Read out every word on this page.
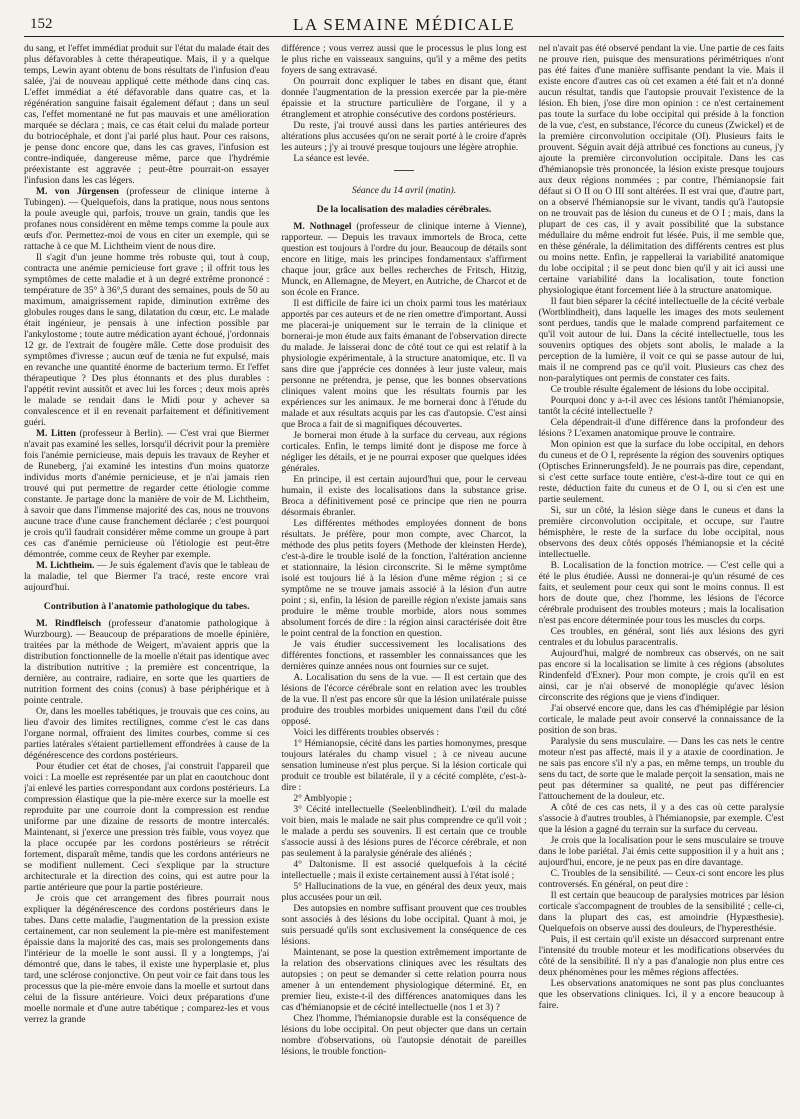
152	LA SEMAINE MÉDICALE

du sang, et l'effet immédiat produit sur l'état du malade était des plus défavorables à cette thérapeutique. Mais, il y a quelque temps, Lewin ayant obtenu de bons résultats de l'infusion d'eau salée, j'ai de nouveau appliqué cette méthode dans cinq cas. L'effet immédiat a été défavorable dans quatre cas, et la régénération sanguine faisait également défaut ; dans un seul cas, l'effet momentané ne fut pas mauvais et une amélioration marquée se déclara ; mais, ce cas était celui du malade porteur du botriocéphale, et dont j'ai parlé plus haut. Pour ces raisons, je pense donc encore que, dans les cas graves, l'infusion est contre-indiquée, dangereuse même, parce que l'hydrémie préexistante est aggravée ; peut-être pourrait-on essayer l'infusion dans les cas légers.

M. von Jürgensen (professeur de clinique interne à Tubingen). — Quelquefois, dans la pratique, nous nous sentons la poule aveugle qui, parfois, trouve un grain, tandis que les profanes nous considèrent en même temps comme la poule aux œufs d'or. Permettez-moi de vous en citer un exemple, qui se rattache à ce que M. Lichtheim vient de nous dire.

Il s'agit d'un jeune homme très robuste qui, tout à coup, contracta une anémie pernicieuse fort grave ; il offrit tous les symptômes de cette maladie et à un degré extrême prononcé : température de 35° à 36°,5 durant des semaines, pouls de 50 au maximum, amaigrissement rapide, diminution extrême des globules rouges dans le sang, dilatation du cœur, etc. Le malade était ingénieur, je pensais à une infection possible par l'ankylostome ; toute autre médication ayant échoué, j'ordonnais 12 gr. de l'extrait de fougère mâle. Cette dose produisit des symptômes d'ivresse ; aucun œuf de tænia ne fut expulsé, mais en revanche une quantité énorme de bacterium termo. Et l'effet thérapeutique ? Des plus étonnants et des plus durables : l'appétit revint aussitôt et avec lui les forces ; deux mois après le malade se rendait dans le Midi pour y achever sa convalescence et il en revenait parfaitement et définitivement guéri.

M. Litten (professeur à Berlin). — C'est vrai que Biermer n'avait pas examiné les selles, lorsqu'il décrivit pour la première fois l'anémie pernicieuse, mais depuis les travaux de Reyher et de Runeberg, j'ai examiné les intestins d'un moins quatorze individus morts d'anémie pernicieuse, et je n'ai jamais rien trouvé qui put permettre de regarder cette étiologie comme constante. Je partage donc la manière de voir de M. Lichtheim, à savoir que dans l'immense majorité des cas, nous ne trouvons aucune trace d'une cause franchement déclarée ; c'est pourquoi je crois qu'il faudrait considérer même comme un groupe à part ces cas d'anémie pernicieuse où l'étiologie est peut-être démontrée, comme ceux de Reyher par exemple.

M. Lichtheim. — Je suis également d'avis que le tableau de la maladie, tel que Biermer l'a tracé, reste encore vrai aujourd'hui.

Contribution à l'anatomie pathologique du tabes.

M. Rindfleisch (professeur d'anatomie pathologique à Wurzbourg). — Beaucoup de préparations de moelle épinière, traitées par la méthode de Weigert, m'avaient appris que la distribution fonctionnelle de la moelle n'était pas identique avec la distribution nutritive ; la première est concentrique, la dernière, au contraire, radiaire, en sorte que les quartiers de nutrition forment des coins (conus) à base périphérique et à pointe centrale.

Or, dans les moelles tabétiques, je trouvais que ces coins, au lieu d'avoir des limites rectilignes, comme c'est le cas dans l'organe normal, offraient des limites courbes, comme si ces parties latérales s'étaient partiellement effondrées à cause de la dégénérescence des cordons postérieurs.

Pour étudier cet état de choses, j'ai construit l'appareil que voici : La moelle est représentée par un plat en caoutchouc dont j'ai enlevé les parties correspondant aux cordons postérieurs. La compression élastique que la pie-mère exerce sur la moelle est reproduite par une courroie dont la compression est rendue uniforme par une dizaine de ressorts de montre intercalés. Maintenant, si j'exerce une pression très faible, vous voyez que la place occupée par les cordons postérieurs se rétrécit fortement, disparaît même, tandis que les cordons antérieurs ne se modifient nullement. Ceci s'explique par la structure architecturale et la direction des coins, qui est autre pour la partie antérieure que pour la partie postérieure.

Je crois que cet arrangement des fibres pourrait nous expliquer la dégénérescence des cordons postérieurs dans le tabes. Dans cette maladie, l'augmentation de la pression existe certainement, car non seulement la pie-mère est manifestement épaissie dans la majorité des cas, mais ses prolongements dans l'intérieur de la moelle le sont aussi. Il y a longtemps, j'ai démontré que, dans le tabes, il existe une hyperplasie et, plus tard, une sclérose conjonctive. On peut voir ce fait dans tous les processus que la pie-mère envoie dans la moelle et surtout dans celui de la fissure antérieure. Voici deux préparations d'une moelle normale et d'une autre tabétique ; comparez-les et vous verrez la grande

différence ; vous verrez aussi que le processus le plus long est le plus riche en vaisseaux sanguins, qu'il y a même des petits foyers de sang extravasé.

On pourrait donc expliquer le tabes en disant que, étant donnée l'augmentation de la pression exercée par la pie-mère épaissie et la structure particulière de l'organe, il y a étranglement et atrophie consécutive des cordons postérieurs.

Du reste, j'ai trouvé aussi dans les parties antérieures des altérations plus accusées qu'on ne serait porté à le croire d'après les auteurs ; j'y ai trouvé presque toujours une légère atrophie.

La séance est levée.

Séance du 14 avril (matin).
De la localisation des maladies cérébrales.

M. Nothnagel (professeur de clinique interne à Vienne), rapporteur. — Depuis les travaux immortels de Broca, cette question est toujours à l'ordre du jour. Beaucoup de détails sont encore en litige, mais les principes fondamentaux s'affirment chaque jour, grâce aux belles recherches de Fritsch, Hitzig, Munck, en Allemagne, de Meyert, en Autriche, de Charcot et de son école en France.

Il est difficile de faire ici un choix parmi tous les matériaux apportés par ces auteurs et de ne rien omettre d'important. Aussi me placerai-je uniquement sur le terrain de la clinique et bornerai-je mon étude aux faits émanant de l'observation directe du malade. Je laisserai donc de côté tout ce qui est relatif à la physiologie expérimentale, à la structure anatomique, etc. Il va sans dire que j'apprécie ces données à leur juste valeur, mais personne ne prétendra, je pense, que les bonnes observations cliniques valent moins que les résultats fournis par les expériences sur les animaux. Je me bornerai donc à l'étude du malade et aux résultats acquis par les cas d'autopsie. C'est ainsi que Broca a fait de si magnifiques découvertes.

Je bornerai mon étude à la surface du cerveau, aux régions corticales. Enfin, le temps limité dont je dispose me force à négliger les détails, et je ne pourrai exposer que quelques idées générales.

En principe, il est certain aujourd'hui que, pour le cerveau humain, il existe des localisations dans la substance grise. Broca a définitivement posé ce principe que rien ne pourra désormais ébranler.

Les différentes méthodes employées donnent de bons résultats. Je préfère, pour mon compte, avec Charcot, la méthode des plus petits foyers (Methode der kleinsten Herde), c'est-à-dire le trouble isolé de la fonction, l'altération ancienne et stationnaire, la lésion circonscrite. Si le même symptôme isolé est toujours lié à la lésion d'une même région ; si ce symptôme ne se trouve jamais associé à la lésion d'un autre point ; si, enfin, la lésion de pareille région n'existe jamais sans produire le même trouble morbide, alors nous sommes absolument forcés de dire : la région ainsi caractérisée doit être le point central de la fonction en question.

Je vais étudier successivement les localisations des différentes fonctions, et rassembler les connaissances que les dernières quinze années nous ont fournies sur ce sujet.

A. Localisation du sens de la vue. — Il est certain que des lésions de l'écorce cérébrale sont en relation avec les troubles de la vue. Il n'est pas encore sûr que la lésion unilatérale puisse produire des troubles morbides uniquement dans l'œil du côté opposé.

Voici les différents troubles observés :

1° Hémianopsie, cécité dans les parties homonymes, presque toujours latérales du champ visuel ; à ce niveau aucune sensation lumineuse n'est plus perçue. Si la lésion corticale qui produit ce trouble est bilatérale, il y a cécité complète, c'est-à-dire :

2° Amblyopie ;

3° Cécité intellectuelle (Seelenblindheit). L'œil du malade voit bien, mais le malade ne sait plus comprendre ce qu'il voit ; le malade a perdu ses souvenirs. Il est certain que ce trouble s'associe aussi à des lésions pures de l'écorce cérébrale, et non pas seulement à la paralysie générale des aliénés ;

4° Daltonisme. Il est associé quelquefois à la cécité intellectuelle ; mais il existe certainement aussi à l'état isolé ;

5° Hallucinations de la vue, en général des deux yeux, mais plus accusées pour un œil.

Des autopsies en nombre suffisant prouvent que ces troubles sont associés à des lésions du lobe occipital. Quant à moi, je suis persuadé qu'ils sont exclusivement la conséquence de ces lésions.

Maintenant, se pose la question extrêmement importante de la relation des observations cliniques avec les résultats des autopsies ; on peut se demander si cette relation pourra nous amener à un entendement physiologique déterminé. Et, en premier lieu, existe-t-il des différences anatomiques dans les cas d'hémianopsie et de cécité intellectuelle (nos 1 et 3) ?

Chez l'homme, l'hémianopsie durable est la conséquence de lésions du lobe occipital. On peut objecter que dans un certain nombre d'observations, où l'autopsie dénotait de pareilles lésions, le trouble fonction-

nel n'avait pas été observé pendant la vie. Une partie de ces faits ne prouve rien, puisque des mensurations périmétriques n'ont pas été faites d'une manière suffisante pendant la vie. Mais il existe encore d'autres cas où cet examen a été fait et n'a donné aucun résultat, tandis que l'autopsie prouvait l'existence de la lésion. Eh bien, j'ose dire mon opinion : ce n'est certainement pas toute la surface du lobe occipital qui préside à la fonction de la vue, c'est, en substance, l'écorce du cuneus (Zwickel) et de la première circonvolution occipitale (OI). Plusieurs faits le prouvent. Séguin avait déjà attribué ces fonctions au cuneus, j'y ajoute la première circonvolution occipitale. Dans les cas d'hémianopsie très prononcée, la lésion existe presque toujours aux deux régions nommées ; par contre, l'hémianopsie fait défaut si O II ou O III sont altérées. Il est vrai que, d'autre part, on a observé l'hémianopsie sur le vivant, tandis qu'à l'autopsie on ne trouvait pas de lésion du cuneus et de O I ; mais, dans la plupart de ces cas, il y avait possibilité que la substance médullaire du même endroit fut lésée. Puis, il me semble que, en thèse générale, la délimitation des différents centres est plus ou moins nette. Enfin, je rappellerai la variabilité anatomique du lobe occipital ; il se peut donc bien qu'il y ait ici aussi une certaine variabilité dans la localisation, toute fonction physiologique étant forcement liée à la structure anatomique.

Il faut bien séparer la cécité intellectuelle de la cécité verbale (Wortblindheit), dans laquelle les images des mots seulement sont perdues, tandis que le malade comprend parfaitement ce qu'il voit autour de lui. Dans la cécité intellectuelle, tous les souvenirs optiques des objets sont abolis, le malade a la perception de la lumière, il voit ce qui se passe autour de lui, mais il ne comprend pas ce qu'il voit. Plusieurs cas chez des non-paralytiques ont permis de constater ces faits.

Ce trouble résulte également de lésions du lobe occipital.

Pourquoi donc y a-t-il avec ces lésions tantôt l'hémianopsie, tantôt la cécité intellectuelle ?

Cela dépendrait-il d'une différence dans la profondeur des lésions ? L'examen anatomique prouve le contraire.

Mon opinion est que la surface du lobe occipital, en dehors du cuneus et de O I, représente la région des souvenirs optiques (Optisches Erinnerungsfeld). Je ne pourrais pas dire, cependant, si c'est cette surface toute entière, c'est-à-dire tout ce qui en reste, déduction faite du cuneus et de O I, ou si c'en est une partie seulement.

Si, sur un côté, la lésion siège dans le cuneus et dans la première circonvolution occipitale, et occupe, sur l'autre hémisphère, le reste de la surface du lobe occipital, nous observons des deux côtés opposés l'hémianopsie et la cécité intellectuelle.

B. Localisation de la fonction motrice. — C'est celle qui a été le plus étudiée. Aussi ne donnerai-je qu'un résumé de ces faits, et seulement pour ceux qui sont le moins connus. Il est hors de doute que, chez l'homme, les lésions de l'écorce cérébrale produisent des troubles moteurs ; mais la localisation n'est pas encore déterminée pour tous les muscles du corps.

Ces troubles, en général, sont liés aux lésions des gyri centrales et du lobulus paracentralis.

Aujourd'hui, malgré de nombreux cas observés, on ne sait pas encore si la localisation se limite à ces régions (absolutes Rindenfeld d'Exner). Pour mon compte, je crois qu'il en est ainsi, car je n'ai observé de monoplégie qu'avec lésion circonscrite des régions que je viens d'indiquer.

J'ai observé encore que, dans les cas d'hémiplégie par lésion corticale, le malade peut avoir conservé la connaissance de la position de son bras.

Paralysie du sens musculaire. — Dans les cas nets le centre moteur n'est pas affecté, mais il y a ataxie de coordination. Je ne sais pas encore s'il n'y a pas, en même temps, un trouble du sens du tact, de sorte que le malade perçoit la sensation, mais ne peut pas déterminer sa qualité, ne peut pas différencier l'attouchement de la douleur, etc.

A côté de ces cas nets, il y a des cas où cette paralysie s'associe à d'autres troubles, à l'hémianopsie, par exemple. C'est que la lésion a gagné du terrain sur la surface du cerveau.

Je crois que la localisation pour le sens musculaire se trouve dans le lobe pariétal. J'ai émis cette supposition il y a huit ans ; aujourd'hui, encore, je ne peux pas en dire davantage.

C. Troubles de la sensibilité. — Ceux-ci sont encore les plus controversés. En général, on peut dire :

Il est certain que beaucoup de paralysies motrices par lésion corticale s'accompagnent de troubles de la sensibilité ; celle-ci, dans la plupart des cas, est amoindrie (Hypæsthesie). Quelquefois on observe aussi des douleurs, de l'hyperesthésie.

Puis, il est certain qu'il existe un désaccord surprenant entre l'intensité du trouble moteur et les modifications observées du côté de la sensibilité. Il n'y a pas d'analogie non plus entre ces deux phénomènes pour les mêmes régions affectées.

Les observations anatomiques ne sont pas plus concluantes que les observations cliniques. Ici, il y a encore beaucoup à faire.
